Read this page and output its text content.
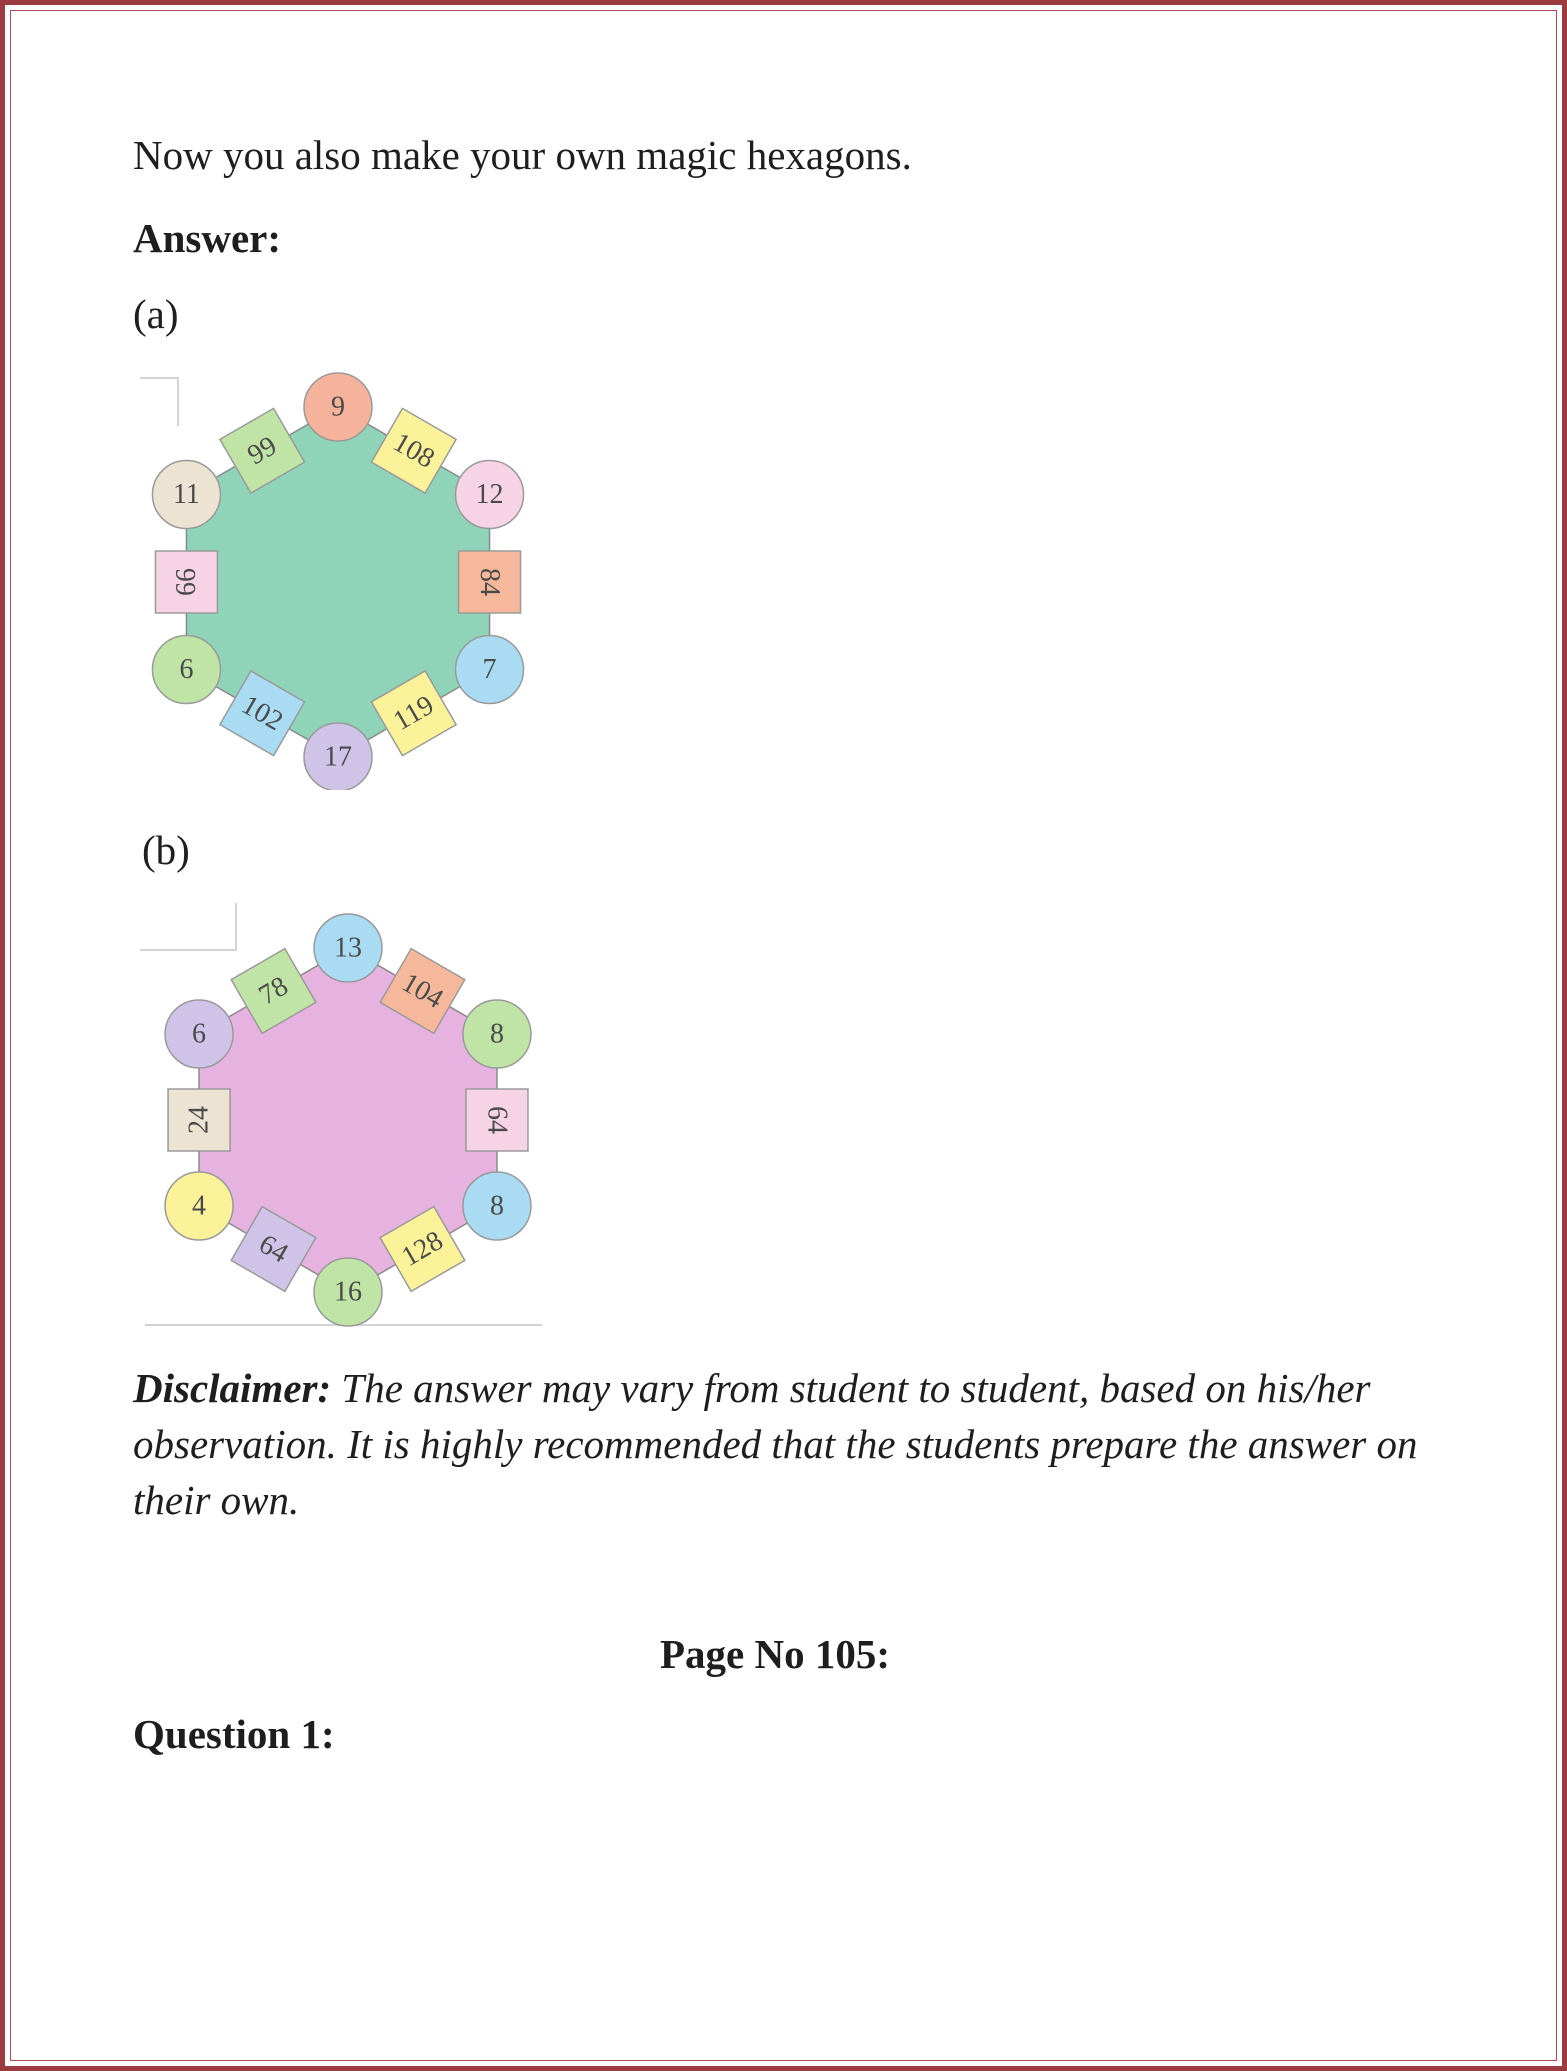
Now you also make your own magic hexagons.

Answer:

(a)

9
108
12
84
7
119
17
102
6
66
11
99

(b)

13
104
8
64
8
128
16
64
4
24
6
78

Disclaimer: The answer may vary from student to student, based on his/her observation. It is highly recommended that the students prepare the answer on their own.

Page No 105:

Question 1:
